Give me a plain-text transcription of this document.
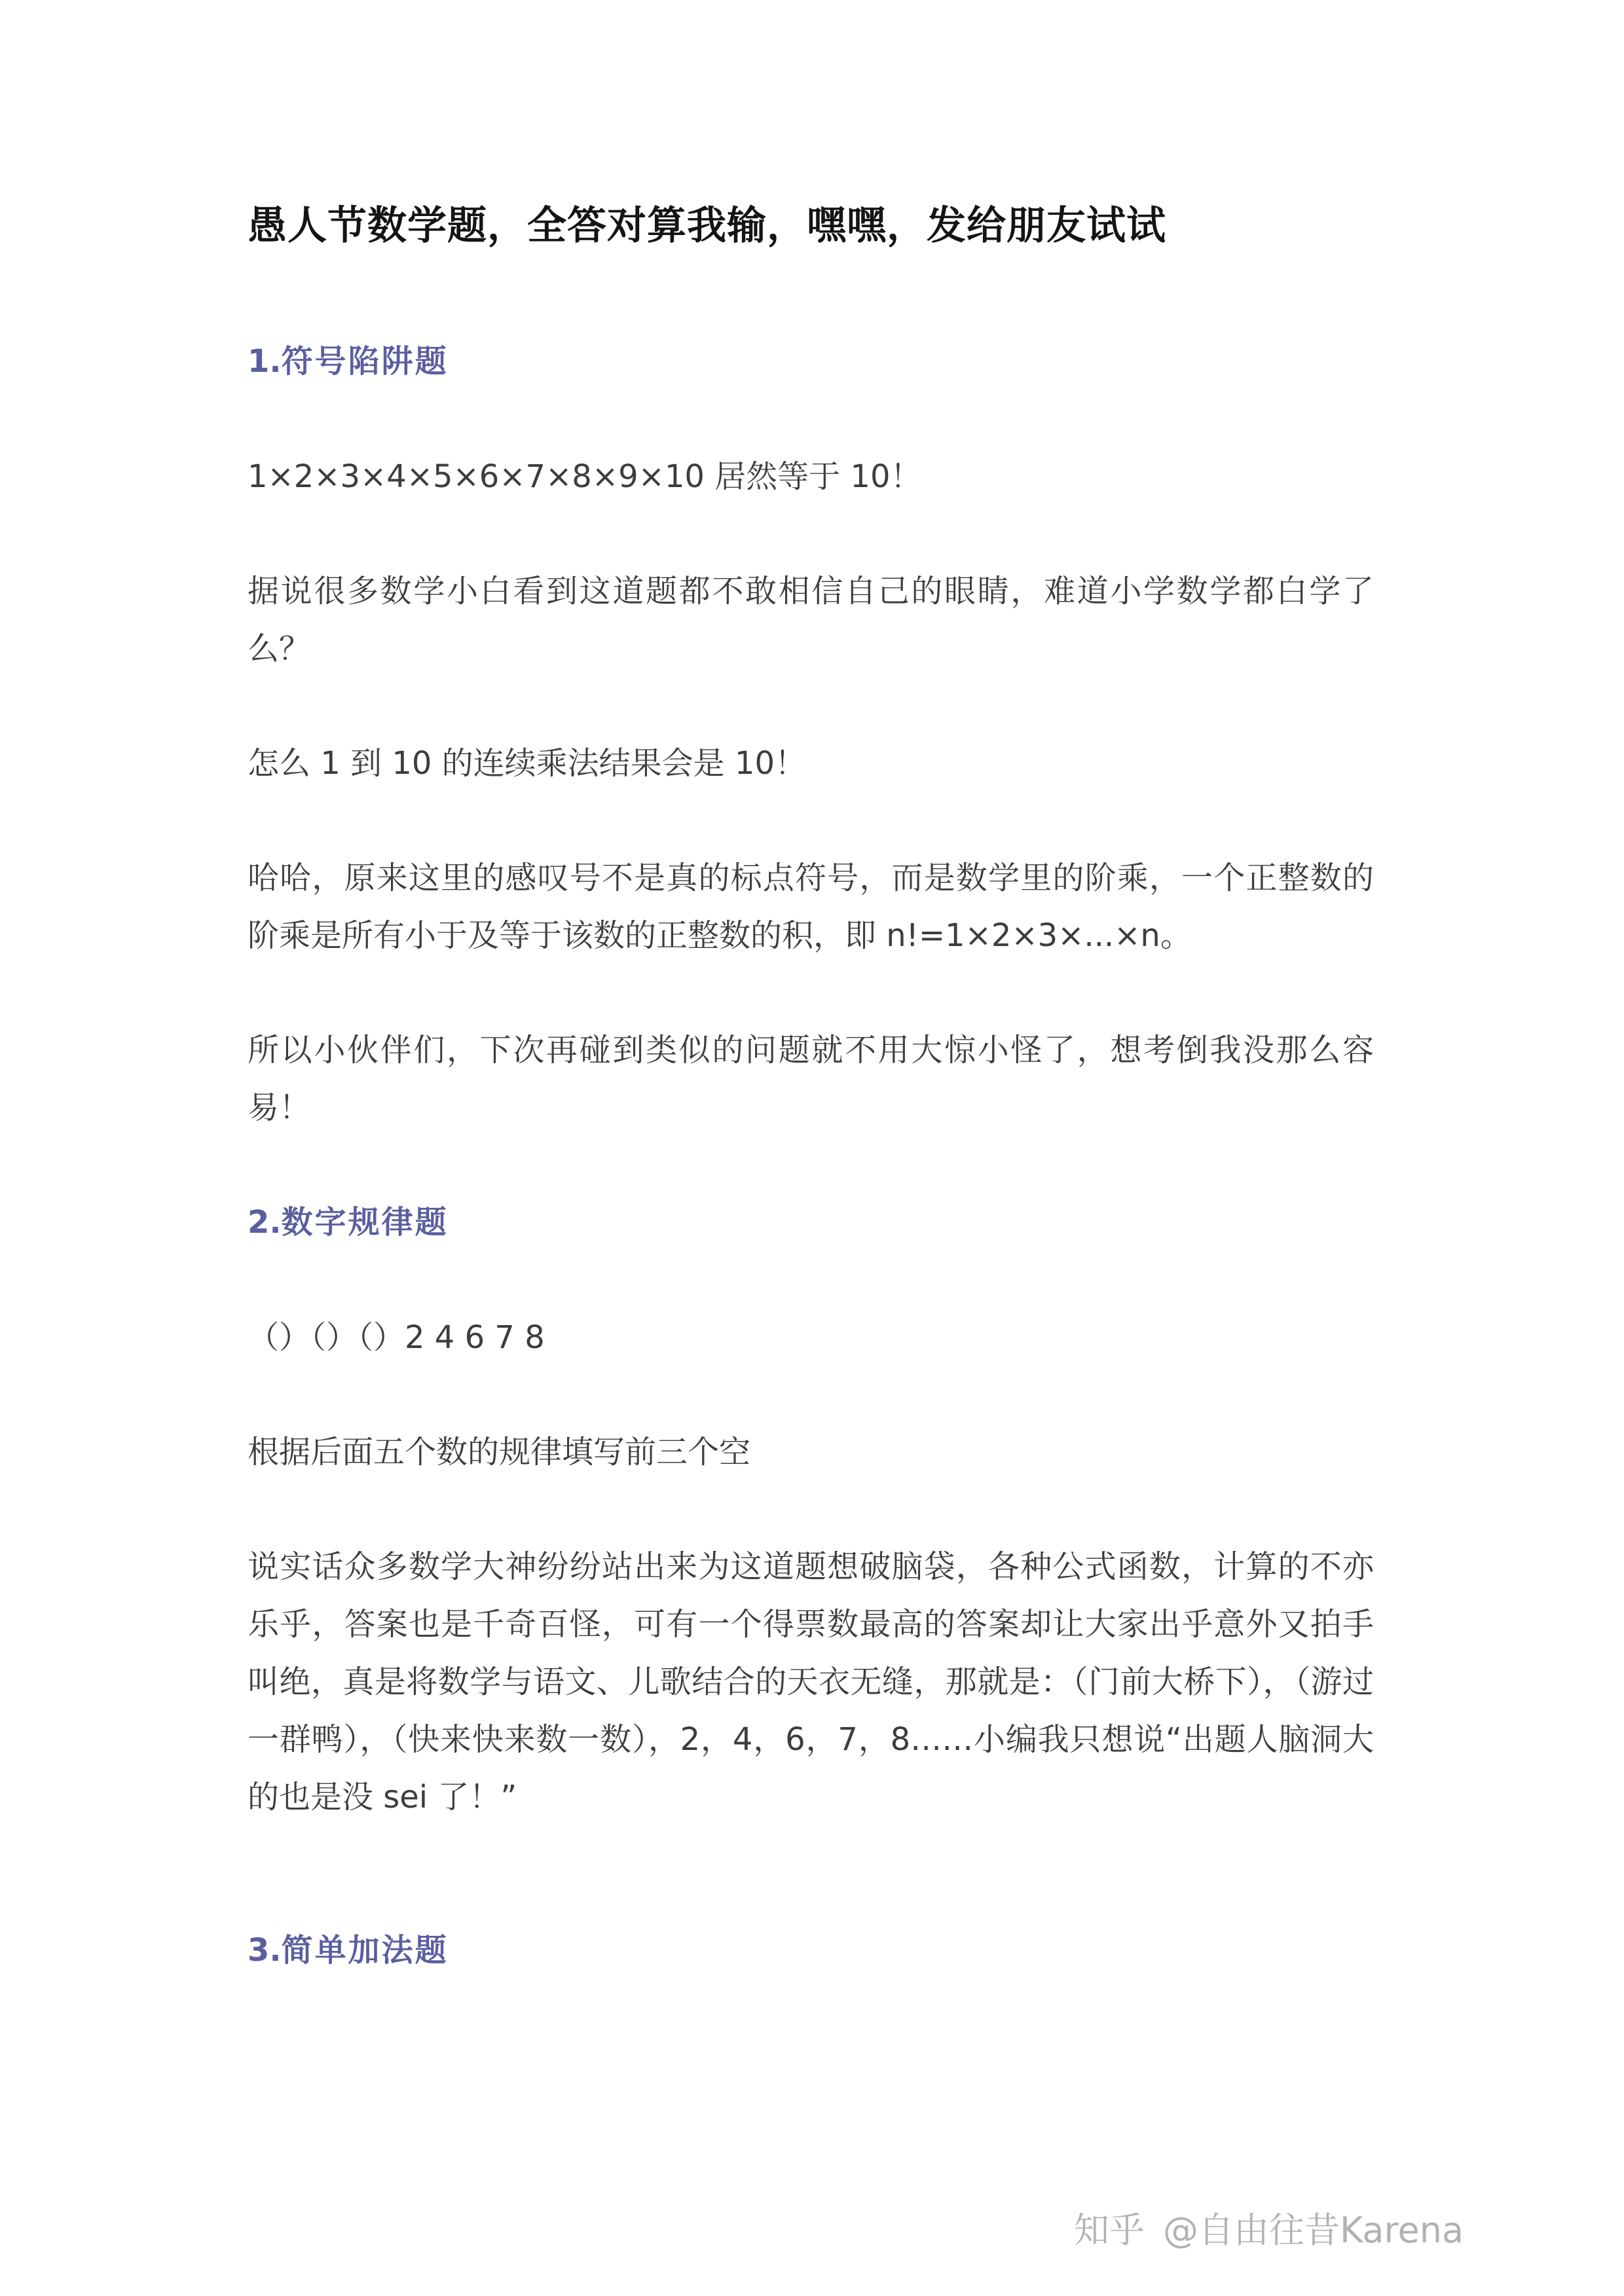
愚人节数学题，全答对算我输，嘿嘿，发给朋友试试
1.符号陷阱题

1×2×3×4×5×6×7×8×9×10 居然等于 10！

据说很多数学小白看到这道题都不敢相信自己的眼睛，难道小学数学都白学了么？

怎么 1 到 10 的连续乘法结果会是 10！

哈哈，原来这里的感叹号不是真的标点符号，而是数学里的阶乘，一个正整数的阶乘是所有小于及等于该数的正整数的积，即 n!=1×2×3×...×n。

所以小伙伴们，下次再碰到类似的问题就不用大惊小怪了，想考倒我没那么容易！

2.数字规律题

（）（）（）2 4 6 7 8

根据后面五个数的规律填写前三个空

说实话众多数学大神纷纷站出来为这道题想破脑袋，各种公式函数，计算的不亦乐乎，答案也是千奇百怪，可有一个得票数最高的答案却让大家出乎意外又拍手叫绝，真是将数学与语文、儿歌结合的天衣无缝，那就是：（门前大桥下），（游过一群鸭），（快来快来数一数），2，4，6，7，8……小编我只想说“出题人脑洞大的也是没 sei 了！”

3.简单加法题
知乎  @自由往昔Karena
